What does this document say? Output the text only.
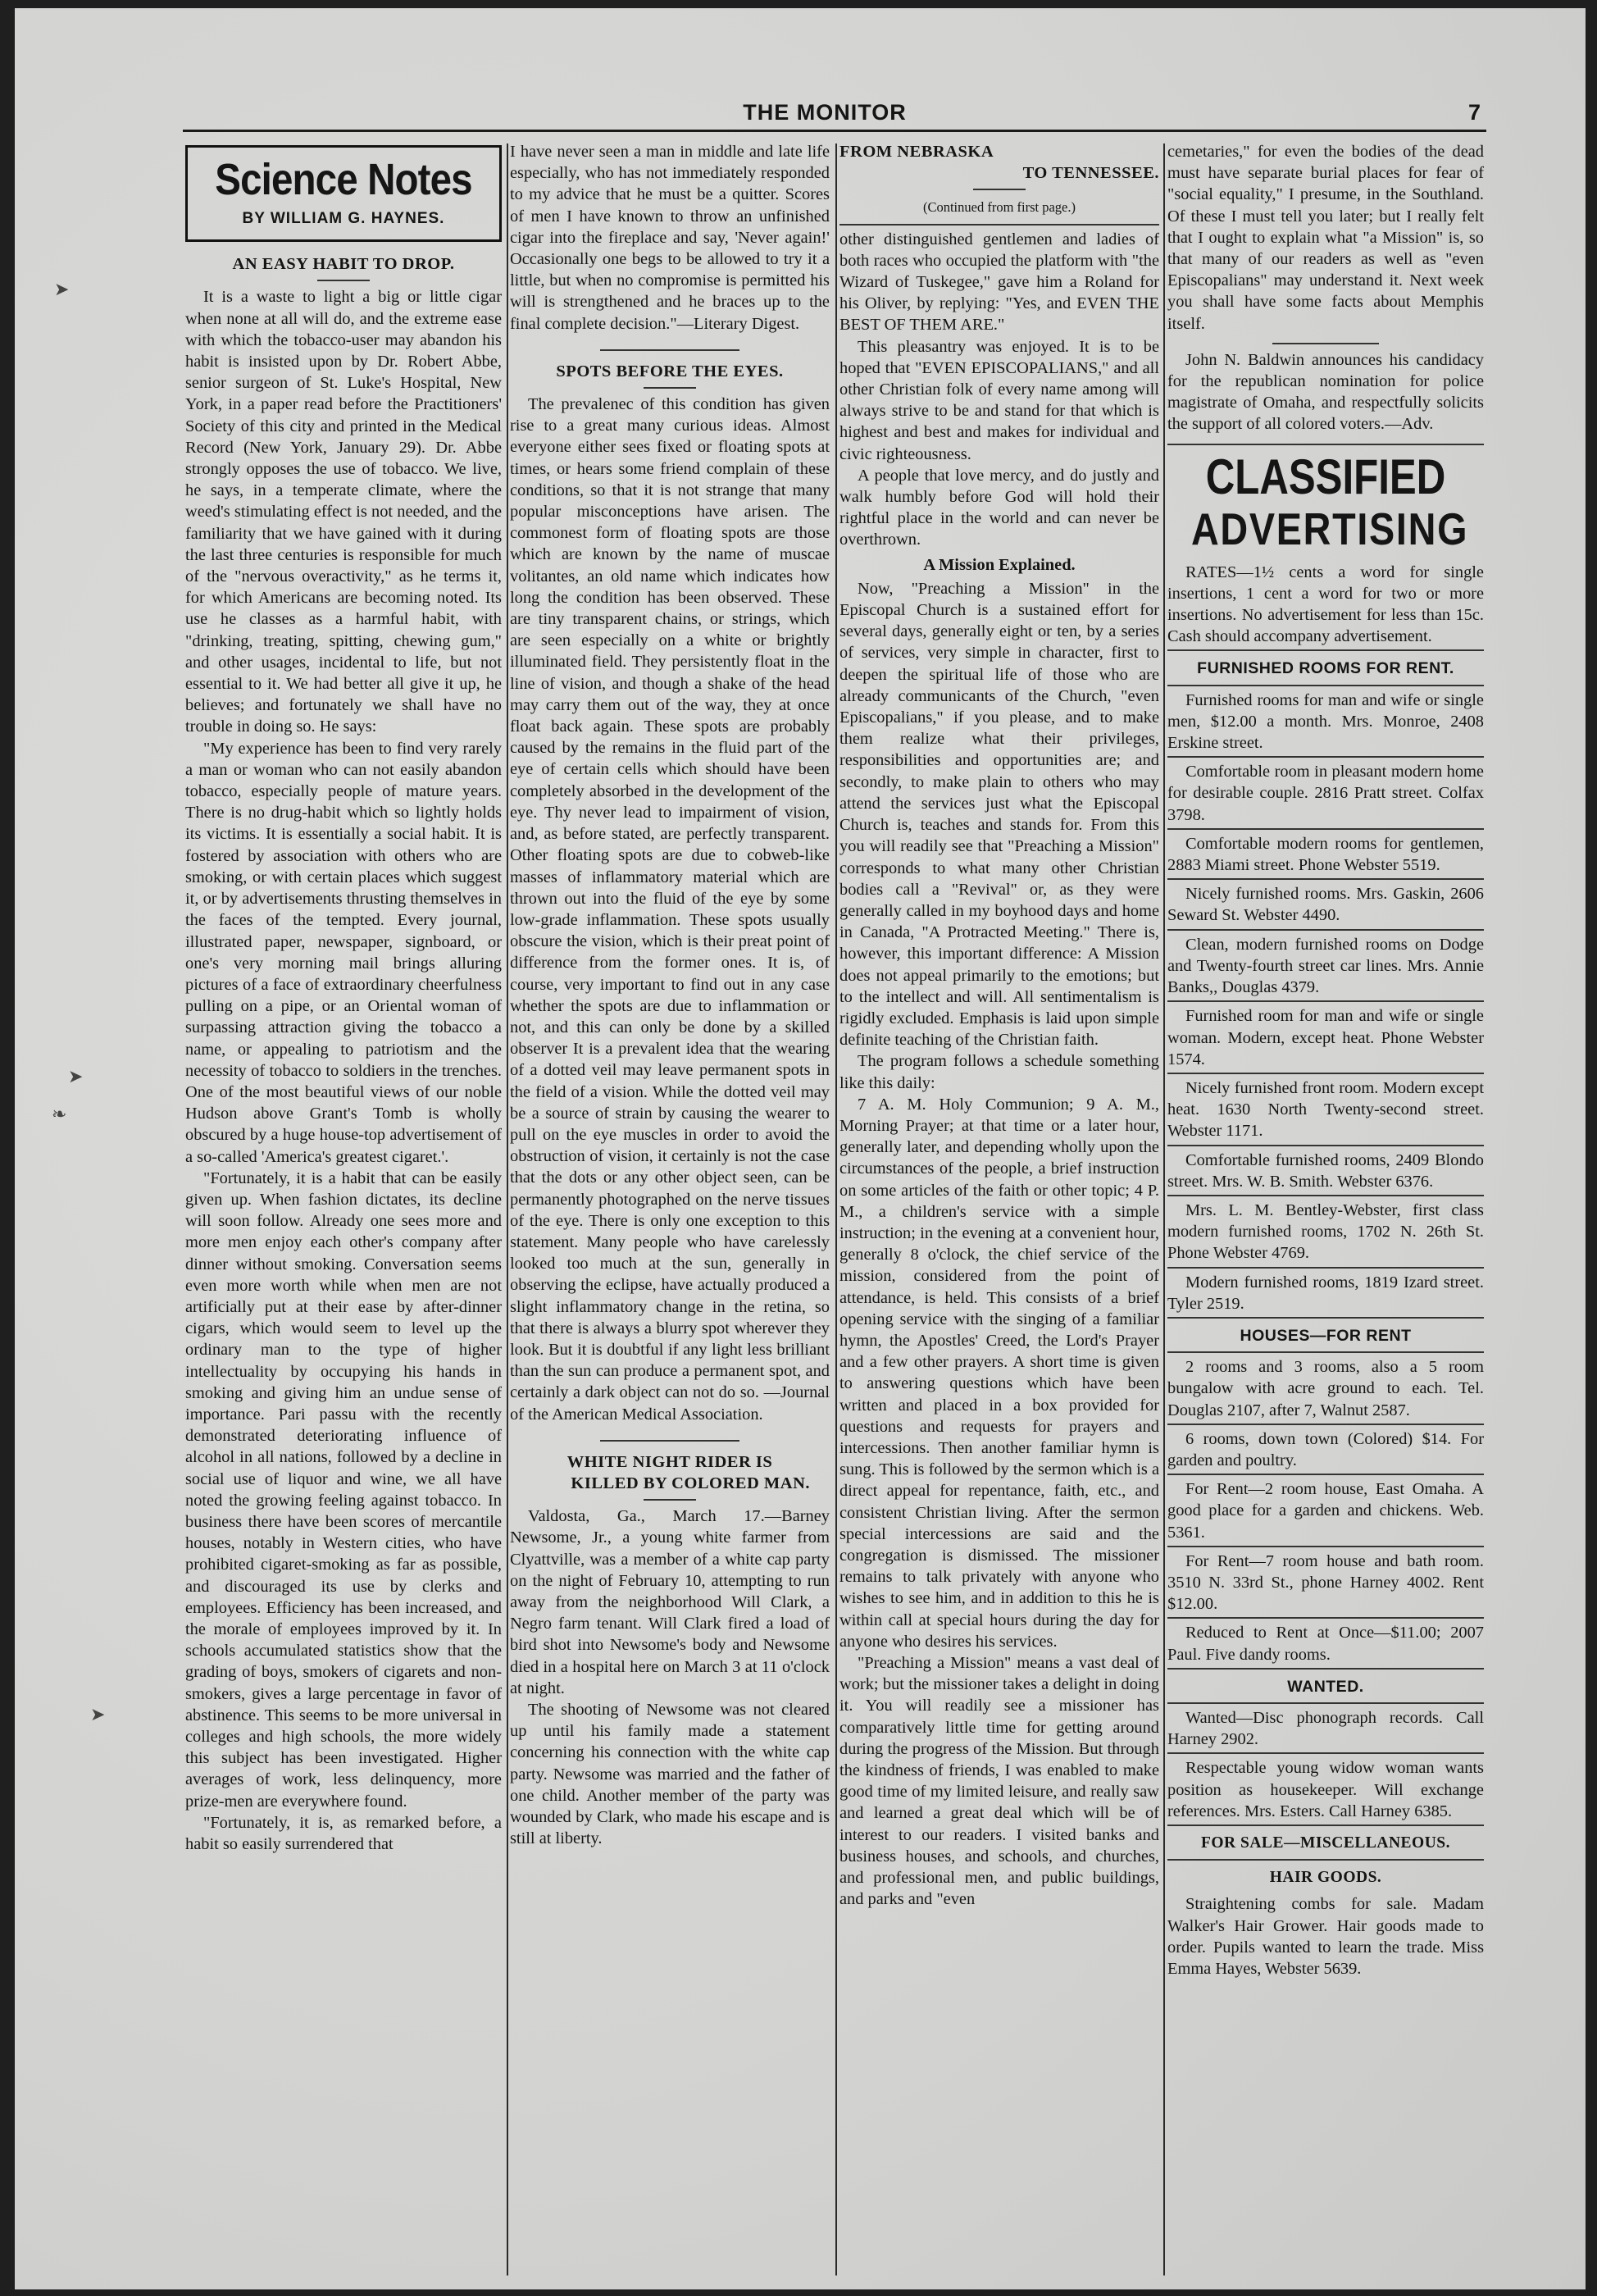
THE MONITOR	7
➤
➤
❧
➤
Science Notes
BY WILLIAM G. HAYNES.
AN EASY HABIT TO DROP.

It is a waste to light a big or little cigar when none at all will do, and the extreme ease with which the tobacco-user may abandon his habit is insisted upon by Dr. Robert Abbe, senior surgeon of St. Luke's Hospital, New York, in a paper read before the Practitioners' Society of this city and printed in the Medical Record (New York, January 29). Dr. Abbe strongly opposes the use of tobacco. We live, he says, in a temperate climate, where the weed's stimulating effect is not needed, and the familiarity that we have gained with it during the last three centuries is responsible for much of the "nervous overactivity," as he terms it, for which Americans are becoming noted. Its use he classes as a harmful habit, with "drinking, treating, spitting, chewing gum," and other usages, incidental to life, but not essential to it. We had better all give it up, he believes; and fortunately we shall have no trouble in doing so. He says:

"My experience has been to find very rarely a man or woman who can not easily abandon tobacco, especially people of mature years. There is no drug-habit which so lightly holds its victims. It is essentially a social habit. It is fostered by association with others who are smoking, or with certain places which suggest it, or by advertisements thrusting themselves in the faces of the tempted. Every journal, illustrated paper, newspaper, signboard, or one's very morning mail brings alluring pictures of a face of extraordinary cheerfulness pulling on a pipe, or an Oriental woman of surpassing attraction giving the tobacco a name, or appealing to patriotism and the necessity of tobacco to soldiers in the trenches. One of the most beautiful views of our noble Hudson above Grant's Tomb is wholly obscured by a huge house-top advertisement of a so-called 'America's greatest cigaret.'.

"Fortunately, it is a habit that can be easily given up. When fashion dictates, its decline will soon follow. Already one sees more and more men enjoy each other's company after dinner without smoking. Conversation seems even more worth while when men are not artificially put at their ease by after-dinner cigars, which would seem to level up the ordinary man to the type of higher intellectuality by occupying his hands in smoking and giving him an undue sense of importance. Pari passu with the recently demonstrated deteriorating influence of alcohol in all nations, followed by a decline in social use of liquor and wine, we all have noted the growing feeling against tobacco. In business there have been scores of mercantile houses, notably in Western cities, who have prohibited cigaret-smoking as far as possible, and discouraged its use by clerks and employees. Efficiency has been increased, and the morale of employees improved by it. In schools accumulated statistics show that the grading of boys, smokers of cigarets and non-smokers, gives a large percentage in favor of abstinence. This seems to be more universal in colleges and high schools, the more widely this subject has been investigated. Higher averages of work, less delinquency, more prize-men are everywhere found.

"Fortunately, it is, as remarked before, a habit so easily surrendered that

I have never seen a man in middle and late life especially, who has not immediately responded to my advice that he must be a quitter. Scores of men I have known to throw an unfinished cigar into the fireplace and say, 'Never again!' Occasionally one begs to be allowed to try it a little, but when no compromise is permitted his will is strengthened and he braces up to the final complete decision."—Literary Digest.

SPOTS BEFORE THE EYES.

The prevalenec of this condition has given rise to a great many curious ideas. Almost everyone either sees fixed or floating spots at times, or hears some friend complain of these conditions, so that it is not strange that many popular misconceptions have arisen. The commonest form of floating spots are those which are known by the name of muscae volitantes, an old name which indicates how long the condition has been observed. These are tiny transparent chains, or strings, which are seen especially on a white or brightly illuminated field. They persistently float in the line of vision, and though a shake of the head may carry them out of the way, they at once float back again. These spots are probably caused by the remains in the fluid part of the eye of certain cells which should have been completely absorbed in the development of the eye. Thy never lead to impairment of vision, and, as before stated, are perfectly transparent. Other floating spots are due to cobweb-like masses of inflammatory material which are thrown out into the fluid of the eye by some low-grade inflammation. These spots usually obscure the vision, which is their preat point of difference from the former ones. It is, of course, very important to find out in any case whether the spots are due to inflammation or not, and this can only be done by a skilled observer It is a prevalent idea that the wearing of a dotted veil may leave permanent spots in the field of a vision. While the dotted veil may be a source of strain by causing the wearer to pull on the eye muscles in order to avoid the obstruction of vision, it certainly is not the case that the dots or any other object seen, can be permanently photographed on the nerve tissues of the eye. There is only one exception to this statement. Many people who have carelessly looked too much at the sun, generally in observing the eclipse, have actually produced a slight inflammatory change in the retina, so that there is always a blurry spot wherever they look. But it is doubtful if any light less brilliant than the sun can produce a permanent spot, and certainly a dark object can not do so. —Journal of the American Medical Association.

WHITE NIGHT RIDER IS
KILLED BY COLORED MAN.

Valdosta, Ga., March 17.—Barney Newsome, Jr., a young white farmer from Clyattville, was a member of a white cap party on the night of February 10, attempting to run away from the neighborhood Will Clark, a Negro farm tenant. Will Clark fired a load of bird shot into Newsome's body and Newsome died in a hospital here on March 3 at 11 o'clock at night.

The shooting of Newsome was not cleared up until his family made a statement concerning his connection with the white cap party. Newsome was married and the father of one child. Another member of the party was wounded by Clark, who made his escape and is still at liberty.

FROM NEBRASKA
TO TENNESSEE.
(Continued from first page.)

other distinguished gentlemen and ladies of both races who occupied the platform with "the Wizard of Tuskegee," gave him a Roland for his Oliver, by replying: "Yes, and EVEN THE BEST OF THEM ARE."

This pleasantry was enjoyed. It is to be hoped that "EVEN EPISCOPALIANS," and all other Christian folk of every name among will always strive to be and stand for that which is highest and best and makes for individual and civic righteousness.

A people that love mercy, and do justly and walk humbly before God will hold their rightful place in the world and can never be overthrown.

A Mission Explained.

Now, "Preaching a Mission" in the Episcopal Church is a sustained effort for several days, generally eight or ten, by a series of services, very simple in character, first to deepen the spiritual life of those who are already communicants of the Church, "even Episcopalians," if you please, and to make them realize what their privileges, responsibilities and opportunities are; and secondly, to make plain to others who may attend the services just what the Episcopal Church is, teaches and stands for. From this you will readily see that "Preaching a Mission" corresponds to what many other Christian bodies call a "Revival" or, as they were generally called in my boyhood days and home in Canada, "A Protracted Meeting." There is, however, this important difference: A Mission does not appeal primarily to the emotions; but to the intellect and will. All sentimentalism is rigidly excluded. Emphasis is laid upon simple definite teaching of the Christian faith.

The program follows a schedule something like this daily:

7 A. M. Holy Communion; 9 A. M., Morning Prayer; at that time or a later hour, generally later, and depending wholly upon the circumstances of the people, a brief instruction on some articles of the faith or other topic; 4 P. M., a children's service with a simple instruction; in the evening at a convenient hour, generally 8 o'clock, the chief service of the mission, considered from the point of attendance, is held. This consists of a brief opening service with the singing of a familiar hymn, the Apostles' Creed, the Lord's Prayer and a few other prayers. A short time is given to answering questions which have been written and placed in a box provided for questions and requests for prayers and intercessions. Then another familiar hymn is sung. This is followed by the sermon which is a direct appeal for repentance, faith, etc., and consistent Christian living. After the sermon special intercessions are said and the congregation is dismissed. The missioner remains to talk privately with anyone who wishes to see him, and in addition to this he is within call at special hours during the day for anyone who desires his services.

"Preaching a Mission" means a vast deal of work; but the missioner takes a delight in doing it. You will readily see a missioner has comparatively little time for getting around during the progress of the Mission. But through the kindness of friends, I was enabled to make good time of my limited leisure, and really saw and learned a great deal which will be of interest to our readers. I visited banks and business houses, and schools, and churches, and professional men, and public buildings, and parks and "even

cemetaries," for even the bodies of the dead must have separate burial places for fear of "social equality," I presume, in the Southland. Of these I must tell you later; but I really felt that I ought to explain what "a Mission" is, so that many of our readers as well as "even Episcopalians" may understand it. Next week you shall have some facts about Memphis itself.

John N. Baldwin announces his candidacy for the republican nomination for police magistrate of Omaha, and respectfully solicits the support of all colored voters.—Adv.

CLASSIFIED
ADVERTISING

RATES—1½ cents a word for single insertions, 1 cent a word for two or more insertions. No advertisement for less than 15c. Cash should accompany advertisement.

FURNISHED ROOMS FOR RENT.

Furnished rooms for man and wife or single men, $12.00 a month. Mrs. Monroe, 2408 Erskine street.

Comfortable room in pleasant modern home for desirable couple. 2816 Pratt street. Colfax 3798.

Comfortable modern rooms for gentlemen, 2883 Miami street. Phone Webster 5519.

Nicely furnished rooms. Mrs. Gaskin, 2606 Seward St. Webster 4490.

Clean, modern furnished rooms on Dodge and Twenty-fourth street car lines. Mrs. Annie Banks,, Douglas 4379.

Furnished room for man and wife or single woman. Modern, except heat. Phone Webster 1574.

Nicely furnished front room. Modern except heat. 1630 North Twenty-second street. Webster 1171.

Comfortable furnished rooms, 2409 Blondo street. Mrs. W. B. Smith. Webster 6376.

Mrs. L. M. Bentley-Webster, first class modern furnished rooms, 1702 N. 26th St. Phone Webster 4769.

Modern furnished rooms, 1819 Izard street. Tyler 2519.

HOUSES—FOR RENT

2 rooms and 3 rooms, also a 5 room bungalow with acre ground to each. Tel. Douglas 2107, after 7, Walnut 2587.

6 rooms, down town (Colored) $14. For garden and poultry.

For Rent—2 room house, East Omaha. A good place for a garden and chickens. Web. 5361.

For Rent—7 room house and bath room. 3510 N. 33rd St., phone Harney 4002. Rent $12.00.

Reduced to Rent at Once—$11.00; 2007 Paul. Five dandy rooms.

WANTED.

Wanted—Disc phonograph records. Call Harney 2902.

Respectable young widow woman wants position as housekeeper. Will exchange references. Mrs. Esters. Call Harney 6385.

FOR SALE—MISCELLANEOUS.
HAIR GOODS.

Straightening combs for sale. Madam Walker's Hair Grower. Hair goods made to order. Pupils wanted to learn the trade. Miss Emma Hayes, Webster 5639.
